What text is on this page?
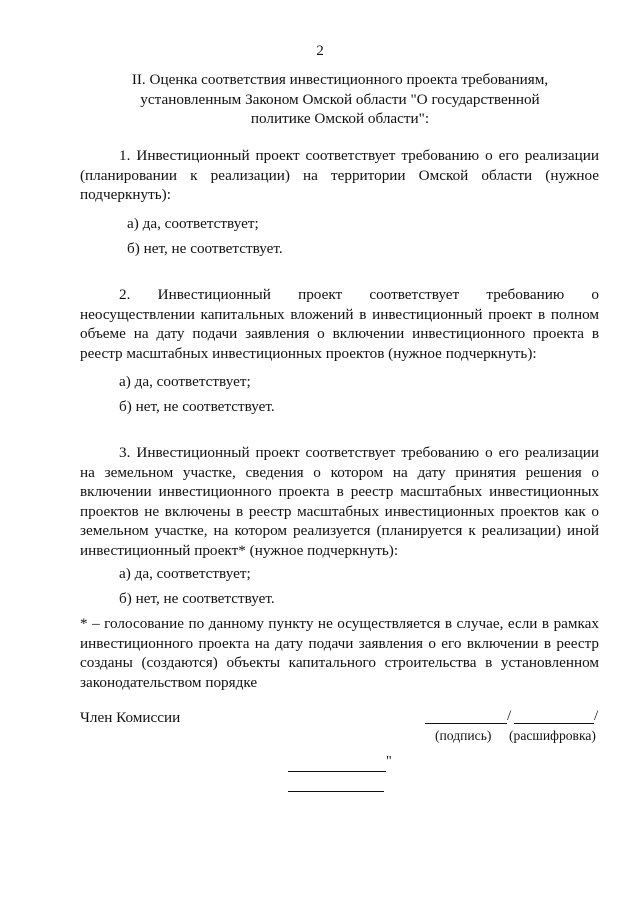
2
II. Оценка соответствия инвестиционного проекта требованиям,
установленным Законом Омской области "О государственной
политике Омской области":
1. Инвестиционный проект соответствует требованию о его реализации (планировании к реализации) на территории Омской области (нужное подчеркнуть):
а) да, соответствует;
б) нет, не соответствует.
2. Инвестиционный проект соответствует требованию о неосуществлении капитальных вложений в инвестиционный проект в полном объеме на дату подачи заявления о включении инвестиционного проекта в реестр масштабных инвестиционных проектов (нужное подчеркнуть):
а) да, соответствует;
б) нет, не соответствует.
3. Инвестиционный проект соответствует требованию о его реализации на земельном участке, сведения о котором на дату принятия решения о включении инвестиционного проекта в реестр масштабных инвестиционных проектов не включены в реестр масштабных инвестиционных проектов как о земельном участке, на котором реализуется (планируется к реализации) иной инвестиционный проект* (нужное подчеркнуть):
а) да, соответствует;
б) нет, не соответствует.
* – голосование по данному пункту не осуществляется в случае, если в рамках инвестиционного проекта на дату подачи заявления о его включении в реестр созданы (создаются) объекты капитального строительства в установленном законодательством порядке
Член Комиссии	/	/
(подпись) (расшифровка)
"
